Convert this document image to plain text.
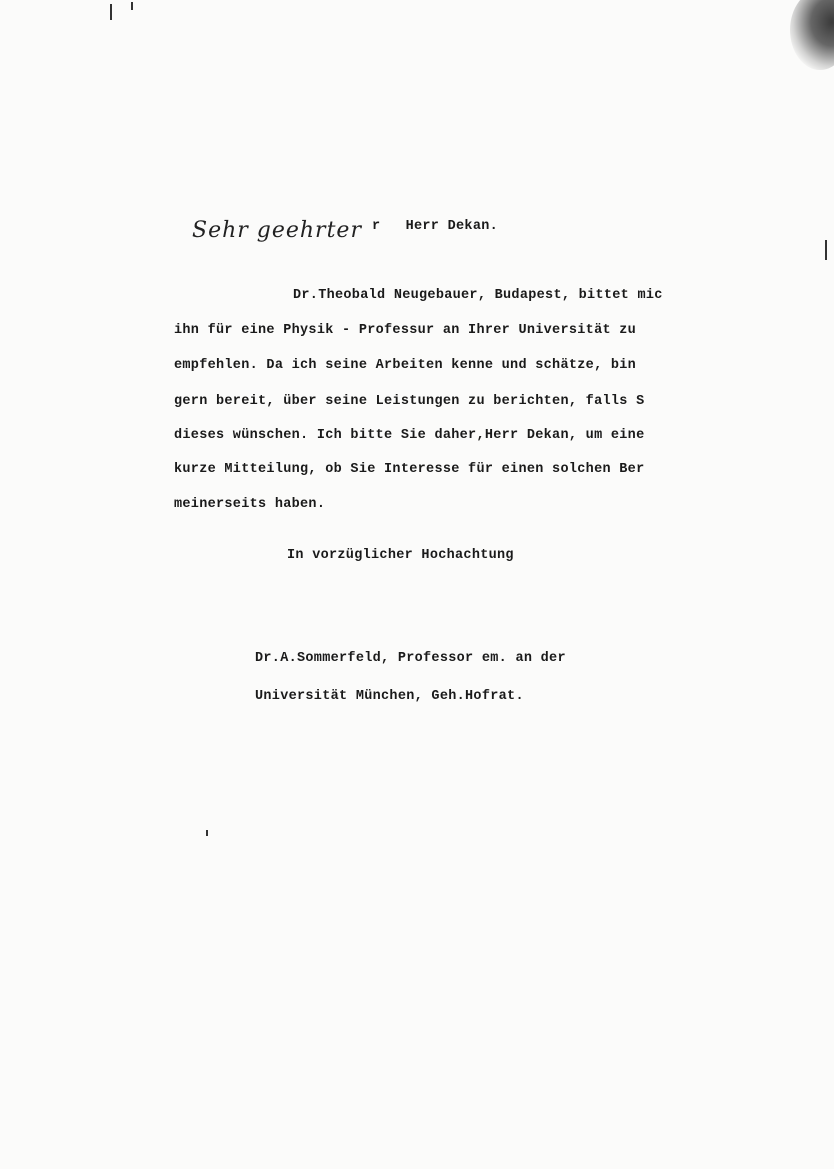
Sehr geehrter r   Herr Dekan.
Dr.Theobald Neugebauer, Budapest, bittet mic
ihn für eine Physik - Professur an Ihrer Universität zu
empfehlen. Da ich seine Arbeiten kenne und schätze, bin
gern bereit, über seine Leistungen zu berichten, falls S
dieses wünschen. Ich bitte Sie daher,Herr Dekan, um eine
kurze Mitteilung, ob Sie Interesse für einen solchen Ber
meinerseits haben.
In vorzüglicher Hochachtung
Dr.A.Sommerfeld, Professor em. an der
Universität München, Geh.Hofrat.
